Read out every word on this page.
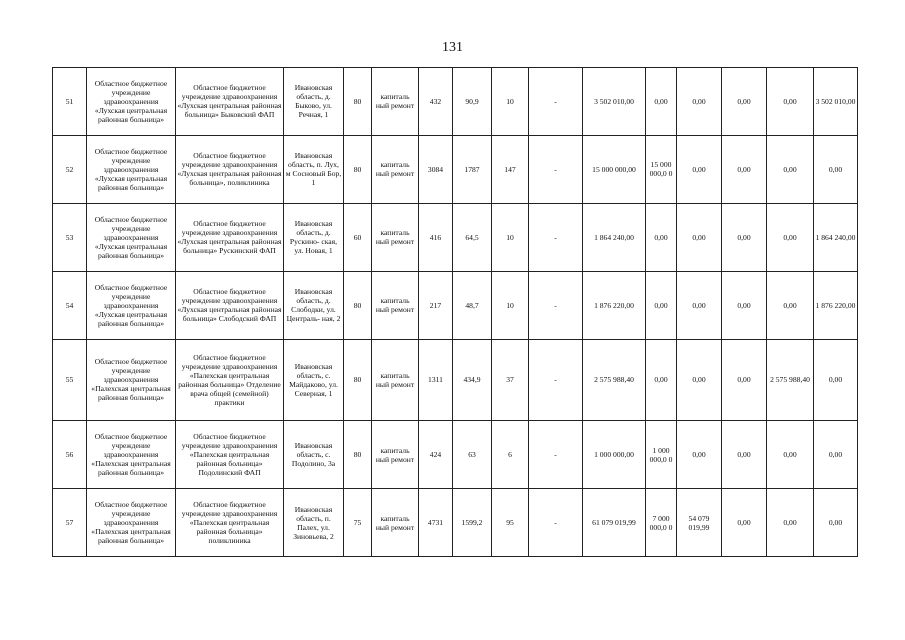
131
51	Областное бюджетное учреждение здравоохранения «Лухская центральная районная больница»	Областное бюджетное учреждение здравоохранения «Лухская центральная районная больница» Быковский ФАП	Ивановская область, д. Быково, ул. Речная, 1	80	капиталь ный ремонт	432	90,9	10	-	3 502 010,00	0,00	0,00	0,00	0,00	3 502 010,00
52	Областное бюджетное учреждение здравоохранения «Лухская центральная районная больница»	Областное бюджетное учреждение здравоохранения «Лухская центральная районная больница», поликлиника	Ивановская область, п. Лух, м Сосновый Бор, 1	80	капиталь ный ремонт	3084	1787	147	-	15 000 000,00	15 000 000,0 0	0,00	0,00	0,00	0,00
53	Областное бюджетное учреждение здравоохранения «Лухская центральная районная больница»	Областное бюджетное учреждение здравоохранения «Лухская центральная районная больница» Рускинский ФАП	Ивановская область, д. Рускино- ская, ул. Новая, 1	60	капиталь ный ремонт	416	64,5	10	-	1 864 240,00	0,00	0,00	0,00	0,00	1 864 240,00
54	Областное бюджетное учреждение здравоохранения «Лухская центральная районная больница»	Областное бюджетное учреждение здравоохранения «Лухская центральная районная больница» Слободский ФАП	Ивановская область, д. Слободки, ул. Централь- ная, 2	80	капиталь ный ремонт	217	48,7	10	-	1 876 220,00	0,00	0,00	0,00	0,00	1 876 220,00
55	Областное бюджетное учреждение здравоохранения «Палехская центральная районная больница»	Областное бюджетное учреждение здравоохранения «Палехская центральная районная больница» Отделение врача общей (семейной) практики	Ивановская область, с. Майдаково, ул. Северная, 1	80	капиталь ный ремонт	1311	434,9	37	-	2 575 988,40	0,00	0,00	0,00	2 575 988,40	0,00
56	Областное бюджетное учреждение здравоохранения «Палехская центральная районная больница»	Областное бюджетное учреждение здравоохранения «Палехская центральная районная больница» Подолинский ФАП	Ивановская область, с. Подолино, 3а	80	капиталь ный ремонт	424	63	6	-	1 000 000,00	1 000 000,0 0	0,00	0,00	0,00	0,00
57	Областное бюджетное учреждение здравоохранения «Палехская центральная районная больница»	Областное бюджетное учреждение здравоохранения «Палехская центральная районная больница» поликлиника	Ивановская область, п. Палех, ул. Зиновьева, 2	75	капиталь ный ремонт	4731	1599,2	95	-	61 079 019,99	7 000 000,0 0	54 079 019,99	0,00	0,00	0,00
